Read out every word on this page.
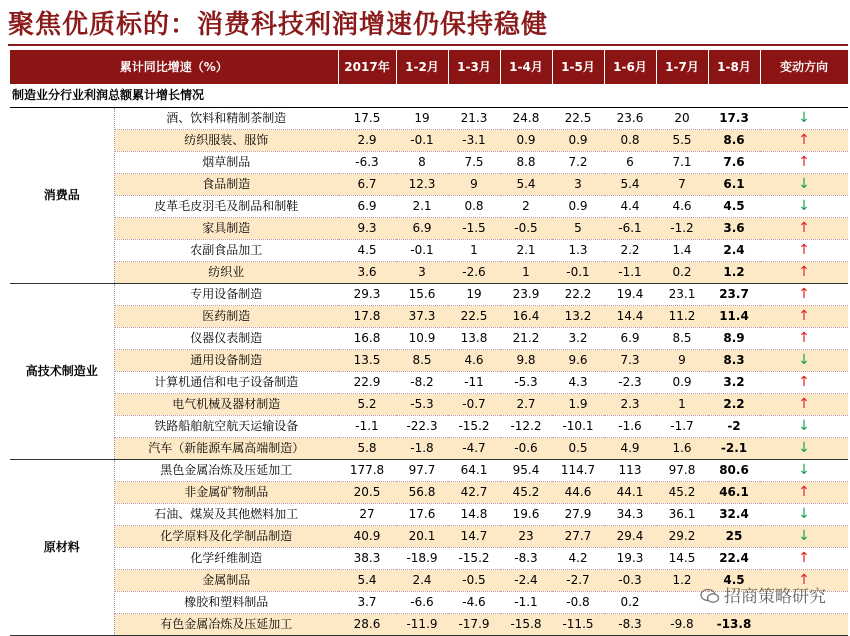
聚焦优质标的：消费科技利润增速仍保持稳健
累计同比增速（%）		2017年	1-2月	1-3月	1-4月	1-5月	1-6月	1-7月	1-8月	变动方向
制造业分行业利润总额累计增长情况										
消费品	酒、饮料和精制茶制造	17.5	19	21.3	24.8	22.5	23.6	20	17.3	↓
	纺织服装、服饰	2.9	-0.1	-3.1	0.9	0.9	0.8	5.5	8.6	↑
	烟草制品	-6.3	8	7.5	8.8	7.2	6	7.1	7.6	↑
	食品制造	6.7	12.3	9	5.4	3	5.4	7	6.1	↓
	皮革毛皮羽毛及制品和制鞋	6.9	2.1	0.8	2	0.9	4.4	4.6	4.5	↓
	家具制造	9.3	6.9	-1.5	-0.5	5	-6.1	-1.2	3.6	↑
	农副食品加工	4.5	-0.1	1	2.1	1.3	2.2	1.4	2.4	↑
	纺织业	3.6	3	-2.6	1	-0.1	-1.1	0.2	1.2	↑
高技术制造业	专用设备制造	29.3	15.6	19	23.9	22.2	19.4	23.1	23.7	↑
	医药制造	17.8	37.3	22.5	16.4	13.2	14.4	11.2	11.4	↑
	仪器仪表制造	16.8	10.9	13.8	21.2	3.2	6.9	8.5	8.9	↑
	通用设备制造	13.5	8.5	4.6	9.8	9.6	7.3	9	8.3	↓
	计算机通信和电子设备制造	22.9	-8.2	-11	-5.3	4.3	-2.3	0.9	3.2	↑
	电气机械及器材制造	5.2	-5.3	-0.7	2.7	1.9	2.3	1	2.2	↑
	铁路船舶航空航天运输设备	-1.1	-22.3	-15.2	-12.2	-10.1	-1.6	-1.7	-2	↓
	汽车（新能源车属高端制造）	5.8	-1.8	-4.7	-0.6	0.5	4.9	1.6	-2.1	↓
原材料	黑色金属冶炼及压延加工	177.8	97.7	64.1	95.4	114.7	113	97.8	80.6	↓
	非金属矿物制品	20.5	56.8	42.7	45.2	44.6	44.1	45.2	46.1	↑
	石油、煤炭及其他燃料加工	27	17.6	14.8	19.6	27.9	34.3	36.1	32.4	↓
	化学原料及化学制品制造	40.9	20.1	14.7	23	27.7	29.4	29.2	25	↓
	化学纤维制造	38.3	-18.9	-15.2	-8.3	4.2	19.3	14.5	22.4	↑
	金属制品	5.4	2.4	-0.5	-2.4	-2.7	-0.3	1.2	4.5	↑
	橡胶和塑料制品	3.7	-6.6	-4.6	-1.1	-0.8	0.2			
	有色金属冶炼及压延加工	28.6	-11.9	-17.9	-15.8	-11.5	-8.3	-9.8	-13.8	
招商策略研究
